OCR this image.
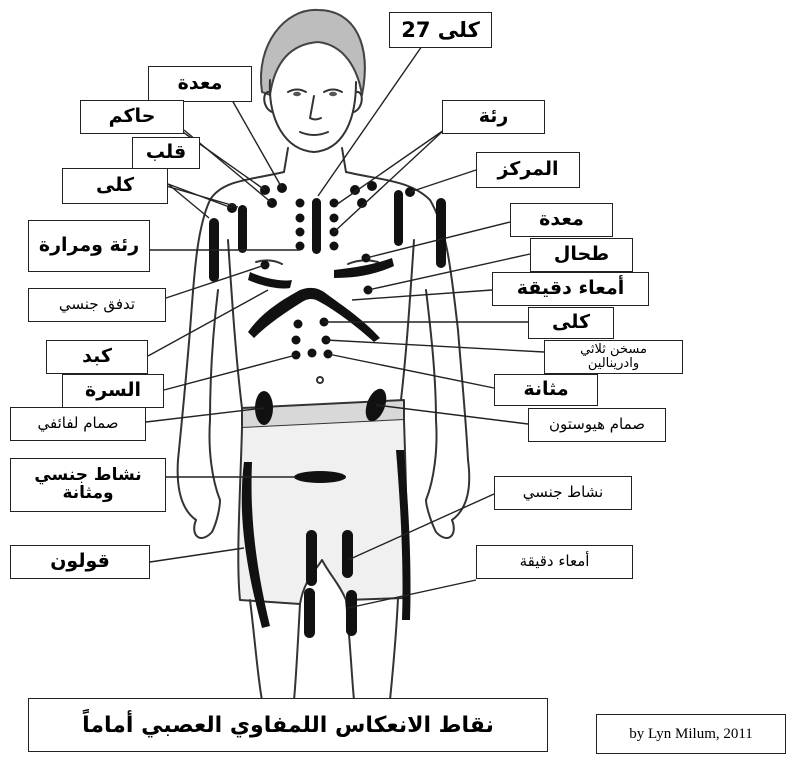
كلى 27
معدة
حاكم	رئة
قلب
المركز
كلى
معدة
رئة ومرارة	طحال
أمعاء دقيقة
تدفق جنسي
كلى
كبد	مسخن ثلاثي
وادرينالين
السرة	مثانة
صمام لفائفي	صمام هيوستون
نشاط جنسي
ومثانة	نشاط جنسي
قولون	أمعاء دقيقة
نقاط الانعكاس اللمفاوي العصبي أماماً	by Lyn Milum, 2011
